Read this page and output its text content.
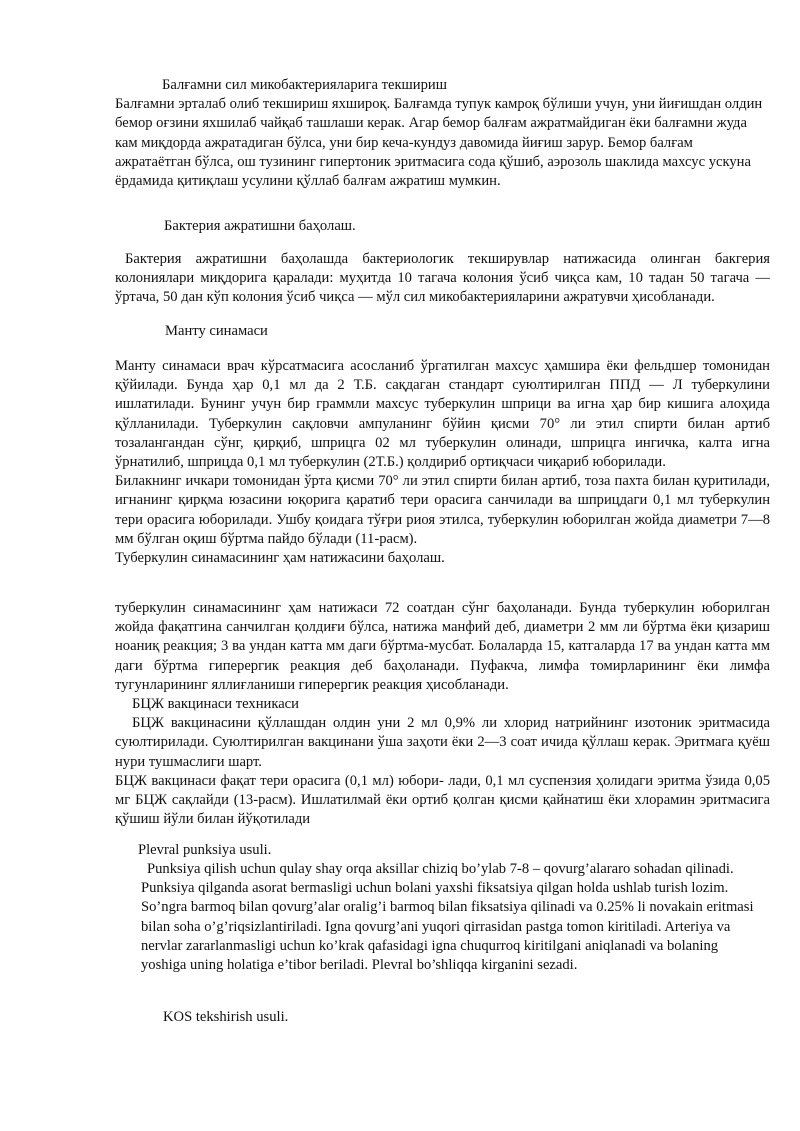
Балғамни сил микобактерияларига текшириш

Балғамни эрталаб олиб текшириш яхшироқ. Балғамда тупук камроқ бўлиши учун, уни йиғишдан олдин бемор оғзини яхшилаб чайқаб ташлаши керак. Агар бемор балғам ажратмайдиган ёки балғамни жуда кам миқдорда ажратадиган бўлса, уни бир кеча-кундуз давомида йиғиш зарур. Бемор балғам ажратаётган бўлса, ош тузининг гипертоник эритмасига сода қўшиб, аэрозоль шаклида махсус ускуна ёрдамида қитиқлаш усулини қўллаб балғам ажратиш мумкин.

Бактерия ажратишни баҳолаш.

Бактерия ажратишни баҳолашда бактериологик текширувлар натижасида олинган бакгерия колониялари миқдорига қаралади: муҳитда 10 тагача колония ўсиб чиқса кам, 10 тадан 50 тагача — ўртача, 50 дан кўп колония ўсиб чиқса — мўл сил микобактерияларини ажратувчи ҳисобланади.

Манту синамаси

Манту синамаси врач кўрсатмасига асосланиб ўргатилган махсус ҳамшира ёки фельдшер томонидан қўйилади. Бунда ҳар 0,1 мл да 2 Т.Б. сақдаган стандарт суюлтирилган ППД — Л туберкулини ишлатилади. Бунинг учун бир граммли махсус туберкулин шприци ва игна ҳар бир кишига алоҳида қўлланилади. Туберкулин сақловчи ампуланинг бўйин қисми 70° ли этил спирти билан артиб тозалангандан сўнг, қирқиб, шприцга 02 мл туберкулин олинади, шприцга ингичка, калта игна ўрнатилиб, шприцда 0,1 мл туберкулин (2Т.Б.) қолдириб ортиқчаси чиқариб юборилади.

Билакнинг ичкари томонидан ўрта қисми 70° ли этил спирти билан артиб, тоза пахта билан қуритилади, игнанинг қирқма юзасини юқорига қаратиб тери орасига санчилади ва шприцдаги 0,1 мл туберкулин тери орасига юборилади. Ушбу қоидага тўғри риоя этилса, туберкулин юборилган жойда диаметри 7—8 мм бўлган оқиш бўртма пайдо бўлади (11-расм).

Туберкулин синамасининг ҳам натижасини баҳолаш.

туберкулин синамасининг ҳам натижаси 72 соатдан сўнг баҳоланади. Бунда туберкулин юборилган жойда фақатгина санчилган қолдиғи бўлса, натижа манфий деб, диаметри 2 мм ли бўртма ёки қизариш ноаниқ реакция; 3 ва ундан катта мм даги бўртма-мусбат. Болаларда 15, катгаларда 17 ва ундан катта мм даги бўртма гиперергик реакция деб баҳоланади. Пуфакча, лимфа томирларининг ёки лимфа тугунларининг яллиғланиши гиперергик реакция ҳисобланади.

БЦЖ вакцинаси техникаси

БЦЖ вакцинасини қўллашдан олдин уни 2 мл 0,9% ли хлорид натрийнинг изотоник эритмасида суюлтирилади. Суюлтирилган вакцинани ўша заҳоти ёки 2—3 соат ичида қўллаш керак. Эритмага қуёш нури тушмаслиги шарт.

БЦЖ вакцинаси фақат тери орасига (0,1 мл) юбори- лади, 0,1 мл суспензия ҳолидаги эритма ўзида 0,05 мг БЦЖ сақлайди (13-расм). Ишлатилмай ёки ортиб қолган қисми қайнатиш ёки хлорамин эритмасига қўшиш йўли билан йўқотилади

Plevral punksiya usuli.

Punksiya qilish uchun qulay shay orqa aksillar chiziq bo’ylab 7-8 – qovurg’alararo sohadan qilinadi. Punksiya qilganda asorat bermasligi uchun bolani yaxshi fiksatsiya qilgan holda ushlab turish lozim. So’ngra barmoq bilan qovurg’alar oralig’i barmoq bilan fiksatsiya qilinadi va 0.25% li novakain eritmasi bilan soha o’g’riqsizlantiriladi. Igna qovurg’ani yuqori qirrasidan pastga tomon kiritiladi. Arteriya va nervlar zararlanmasligi uchun ko’krak qafasidagi igna chuqurroq kiritilgani aniqlanadi va bolaning yoshiga uning holatiga e’tibor beriladi. Plevral bo’shliqqa kirganini sezadi.

KOS tekshirish usuli.
